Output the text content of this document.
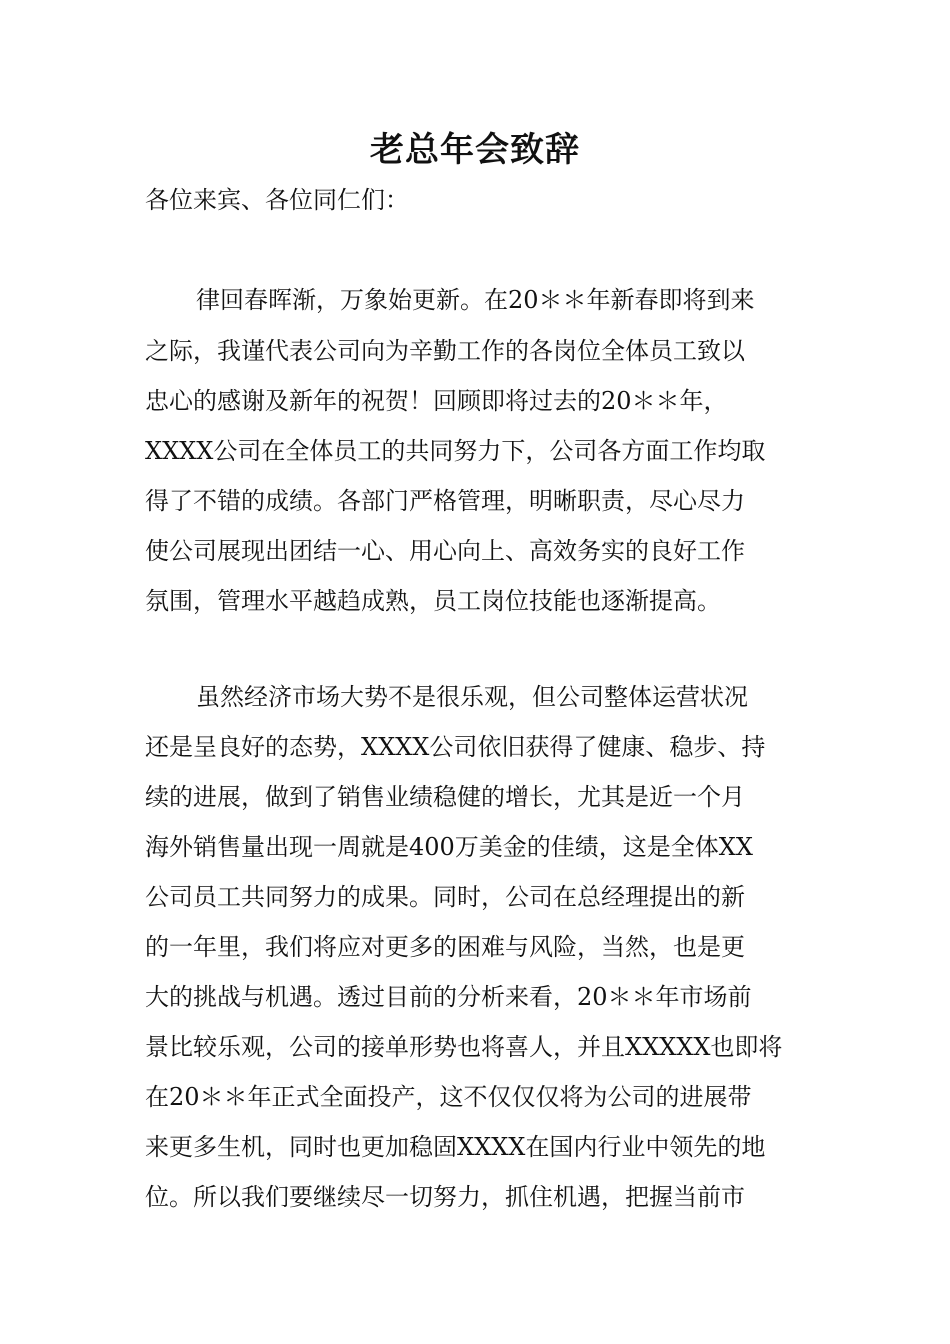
老总年会致辞

各位来宾、各位同仁们：

律回春晖渐，万象始更新。在20＊＊年新春即将到来

之际，我谨代表公司向为辛勤工作的各岗位全体员工致以

忠心的感谢及新年的祝贺！回顾即将过去的20＊＊年，

XXXX公司在全体员工的共同努力下，公司各方面工作均取

得了不错的成绩。各部门严格管理，明晰职责，尽心尽力

使公司展现出团结一心、用心向上、高效务实的良好工作

氛围，管理水平越趋成熟，员工岗位技能也逐渐提高。

虽然经济市场大势不是很乐观，但公司整体运营状况

还是呈良好的态势，XXXX公司依旧获得了健康、稳步、持

续的进展，做到了销售业绩稳健的增长，尤其是近一个月

海外销售量出现一周就是400万美金的佳绩，这是全体XX

公司员工共同努力的成果。同时，公司在总经理提出的新

的一年里，我们将应对更多的困难与风险，当然，也是更

大的挑战与机遇。透过目前的分析来看，20＊＊年市场前

景比较乐观，公司的接单形势也将喜人，并且XXXXX也即将

在20＊＊年正式全面投产，这不仅仅仅将为公司的进展带

来更多生机，同时也更加稳固XXXX在国内行业中领先的地

位。所以我们要继续尽一切努力，抓住机遇，把握当前市
